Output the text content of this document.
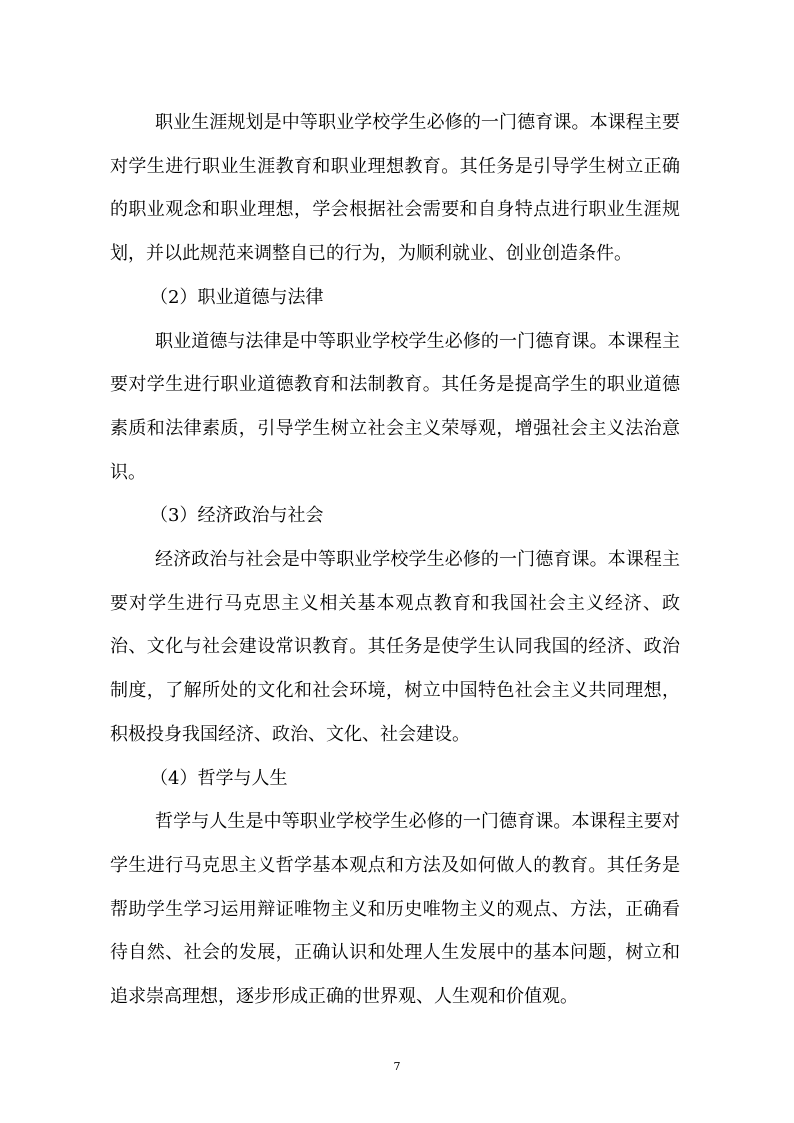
职业生涯规划是中等职业学校学生必修的一门德育课。本课程主要对学生进行职业生涯教育和职业理想教育。其任务是引导学生树立正确的职业观念和职业理想，学会根据社会需要和自身特点进行职业生涯规划，并以此规范来调整自已的行为，为顺利就业、创业创造条件。

（2）职业道德与法律

职业道德与法律是中等职业学校学生必修的一门德育课。本课程主要对学生进行职业道德教育和法制教育。其任务是提高学生的职业道德素质和法律素质，引导学生树立社会主义荣辱观，增强社会主义法治意识。

（3）经济政治与社会

经济政治与社会是中等职业学校学生必修的一门德育课。本课程主要对学生进行马克思主义相关基本观点教育和我国社会主义经济、政治、文化与社会建设常识教育。其任务是使学生认同我国的经济、政治制度，了解所处的文化和社会环境，树立中国特色社会主义共同理想，积极投身我国经济、政治、文化、社会建设。

（4）哲学与人生

哲学与人生是中等职业学校学生必修的一门德育课。本课程主要对学生进行马克思主义哲学基本观点和方法及如何做人的教育。其任务是帮助学生学习运用辩证唯物主义和历史唯物主义的观点、方法，正确看待自然、社会的发展，正确认识和处理人生发展中的基本问题，树立和追求崇高理想，逐步形成正确的世界观、人生观和价值观。

7
